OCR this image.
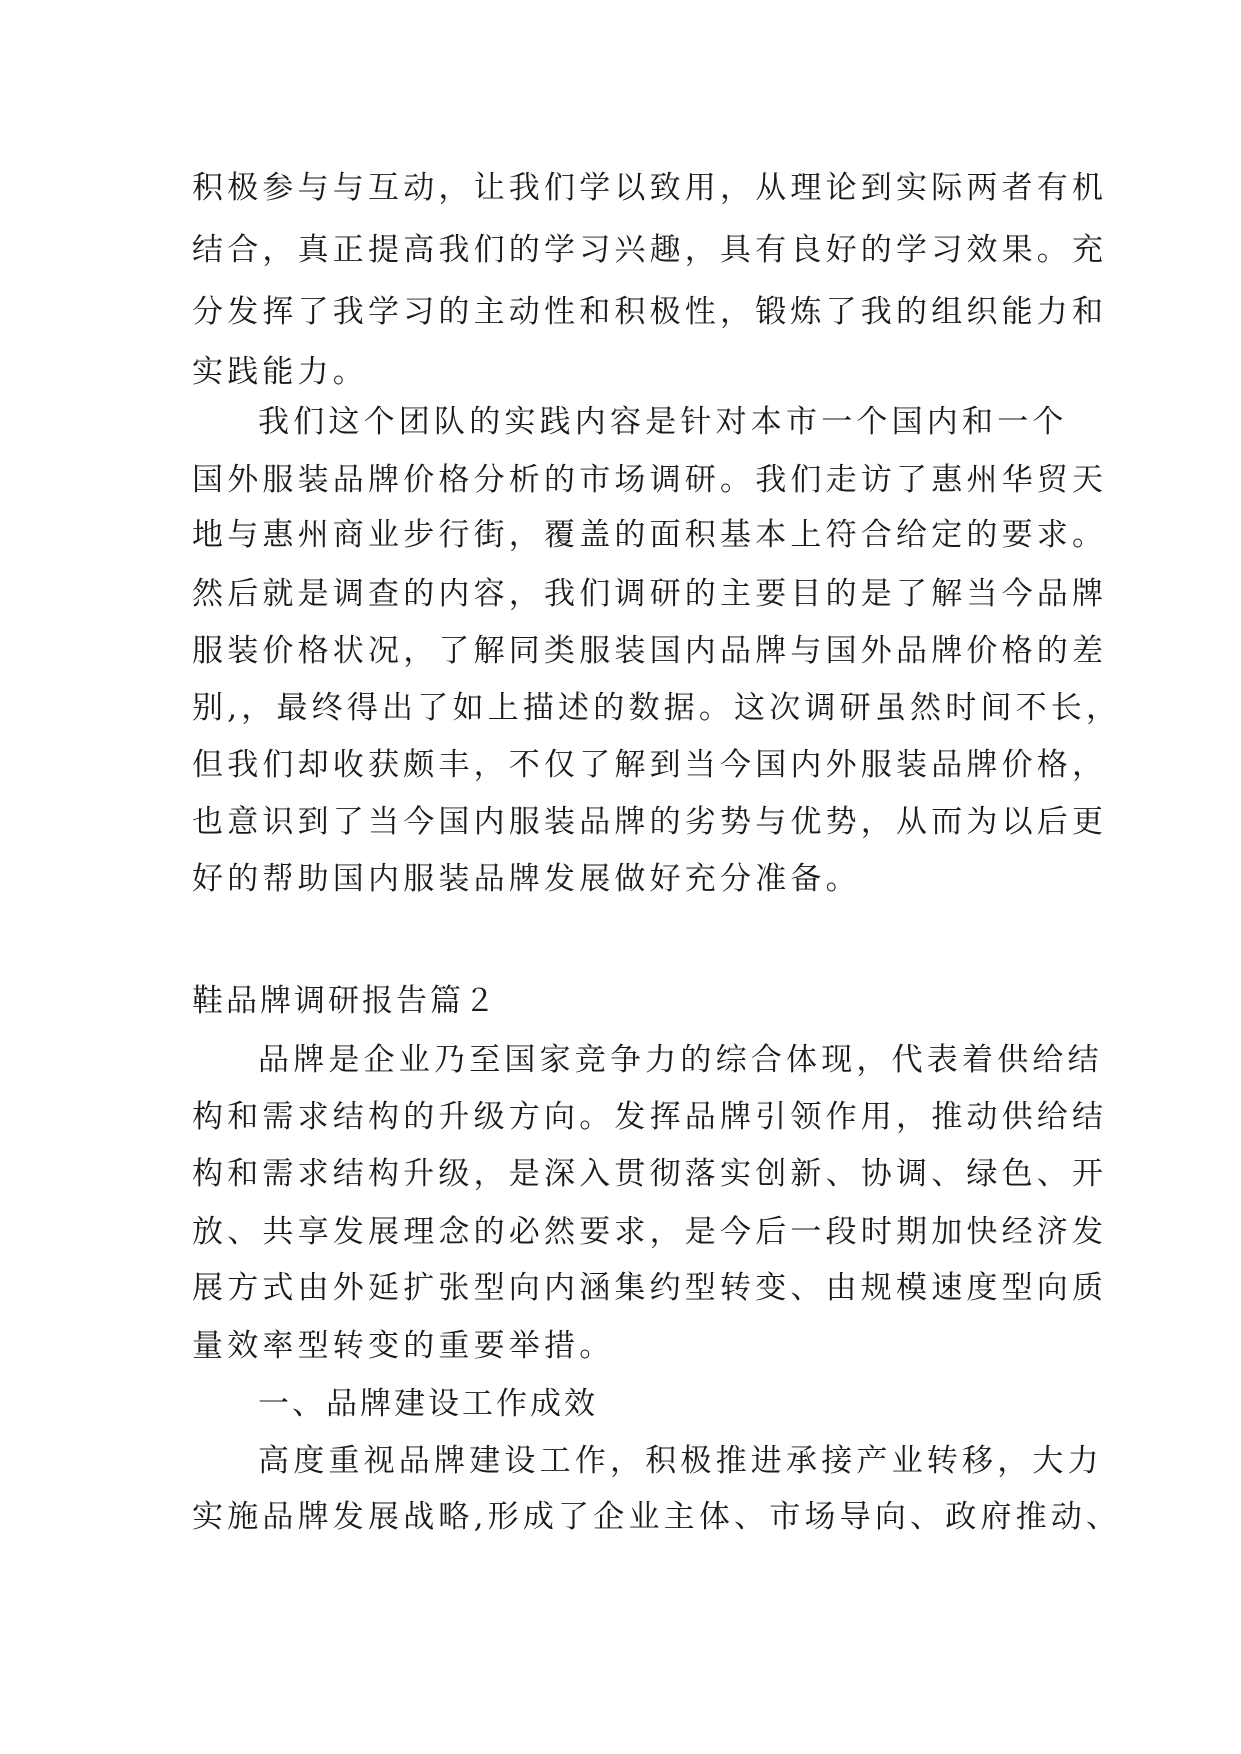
积极参与与互动，让我们学以致用，从理论到实际两者有机
结合，真正提高我们的学习兴趣，具有良好的学习效果。充
分发挥了我学习的主动性和积极性，锻炼了我的组织能力和
实践能力。
我们这个团队的实践内容是针对本市一个国内和一个
国外服装品牌价格分析的市场调研。我们走访了惠州华贸天
地与惠州商业步行街，覆盖的面积基本上符合给定的要求。
然后就是调查的内容，我们调研的主要目的是了解当今品牌
服装价格状况，了解同类服装国内品牌与国外品牌价格的差
别,，最终得出了如上描述的数据。这次调研虽然时间不长，
但我们却收获颇丰，不仅了解到当今国内外服装品牌价格，
也意识到了当今国内服装品牌的劣势与优势，从而为以后更
好的帮助国内服装品牌发展做好充分准备。
鞋品牌调研报告篇２
品牌是企业乃至国家竞争力的综合体现，代表着供给结
构和需求结构的升级方向。发挥品牌引领作用，推动供给结
构和需求结构升级，是深入贯彻落实创新、协调、绿色、开
放、共享发展理念的必然要求，是今后一段时期加快经济发
展方式由外延扩张型向内涵集约型转变、由规模速度型向质
量效率型转变的重要举措。
一、品牌建设工作成效
高度重视品牌建设工作，积极推进承接产业转移，大力
实施品牌发展战略,形成了企业主体、市场导向、政府推动、
